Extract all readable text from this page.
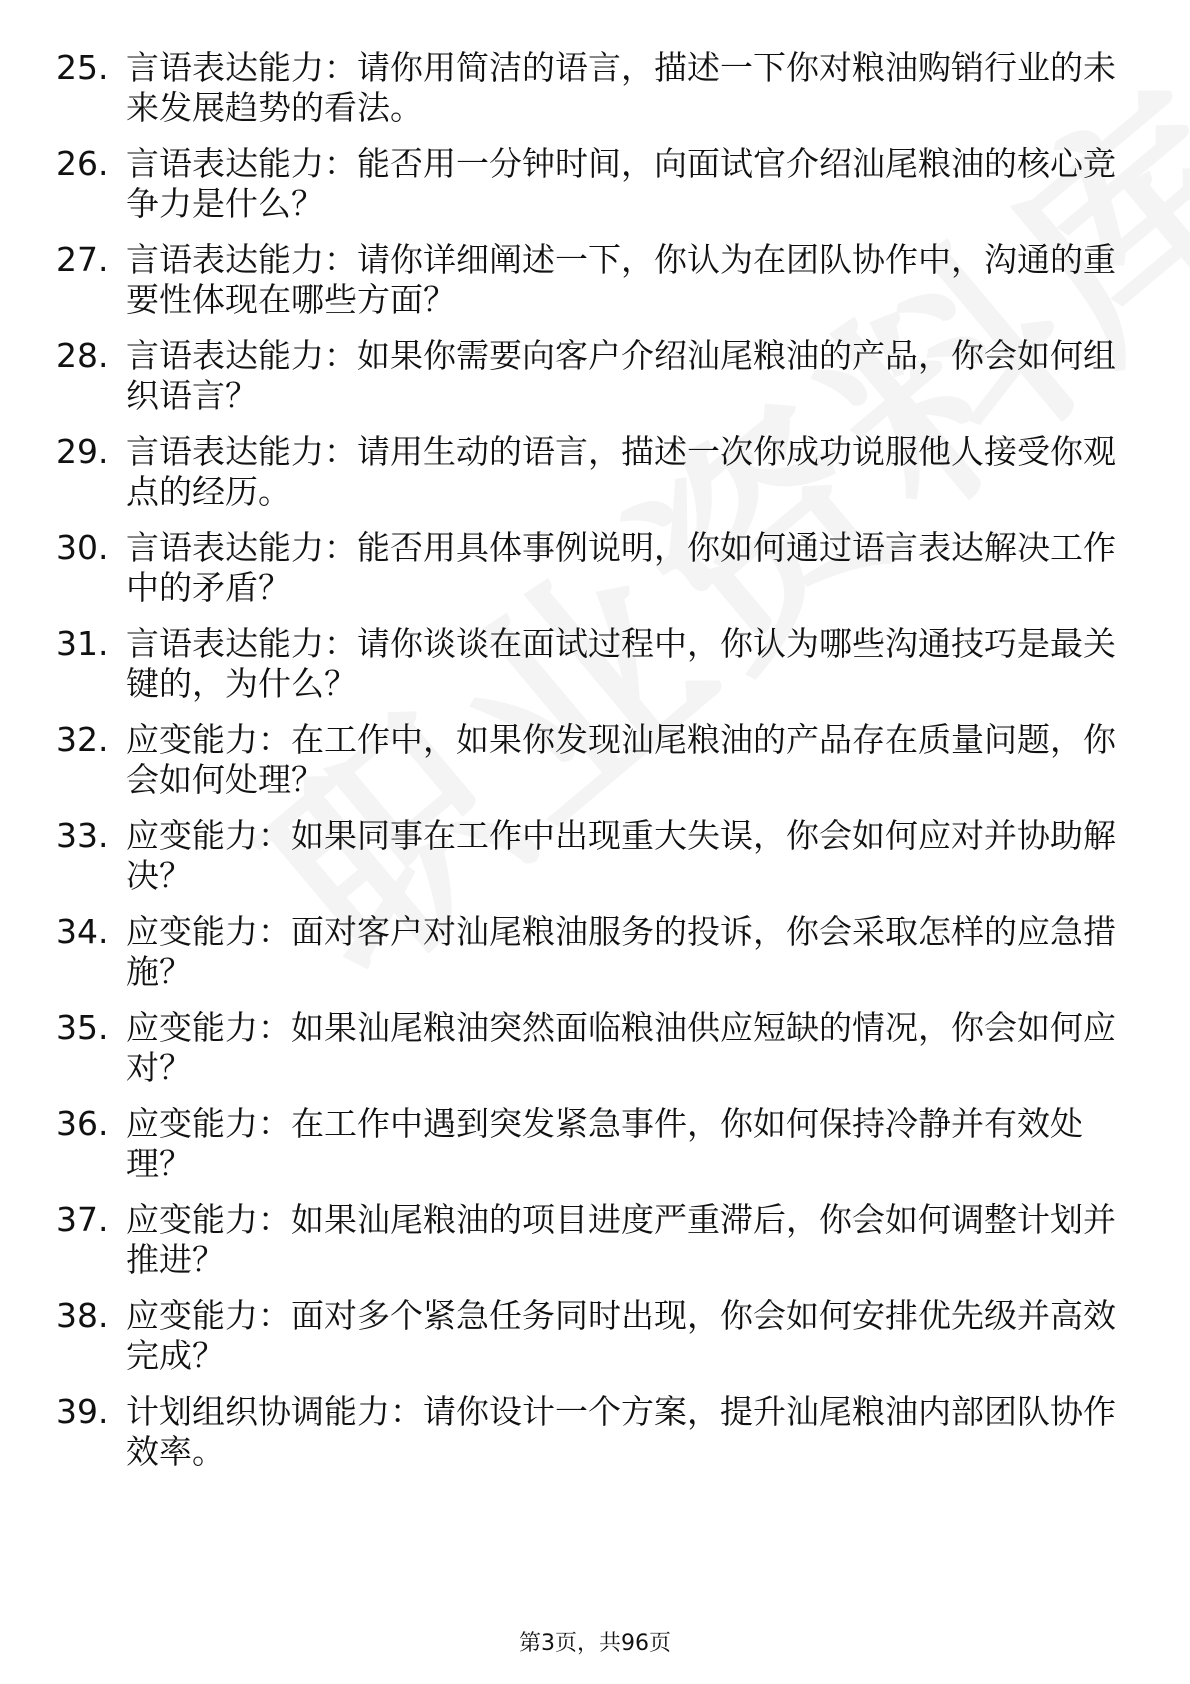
25. 言语表达能力：请你用简洁的语言，描述一下你对粮油购销行业的未来发展趋势的看法。
26. 言语表达能力：能否用一分钟时间，向面试官介绍汕尾粮油的核心竞争力是什么？
27. 言语表达能力：请你详细阐述一下，你认为在团队协作中，沟通的重要性体现在哪些方面？
28. 言语表达能力：如果你需要向客户介绍汕尾粮油的产品，你会如何组织语言？
29. 言语表达能力：请用生动的语言，描述一次你成功说服他人接受你观点的经历。
30. 言语表达能力：能否用具体事例说明，你如何通过语言表达解决工作中的矛盾？
31. 言语表达能力：请你谈谈在面试过程中，你认为哪些沟通技巧是最关键的，为什么？
32. 应变能力：在工作中，如果你发现汕尾粮油的产品存在质量问题，你会如何处理？
33. 应变能力：如果同事在工作中出现重大失误，你会如何应对并协助解决？
34. 应变能力：面对客户对汕尾粮油服务的投诉，你会采取怎样的应急措施？
35. 应变能力：如果汕尾粮油突然面临粮油供应短缺的情况，你会如何应对？
36. 应变能力：在工作中遇到突发紧急事件，你如何保持冷静并有效处理？
37. 应变能力：如果汕尾粮油的项目进度严重滞后，你会如何调整计划并推进？
38. 应变能力：面对多个紧急任务同时出现，你会如何安排优先级并高效完成？
39. 计划组织协调能力：请你设计一个方案，提升汕尾粮油内部团队协作效率。
第3页，共96页
